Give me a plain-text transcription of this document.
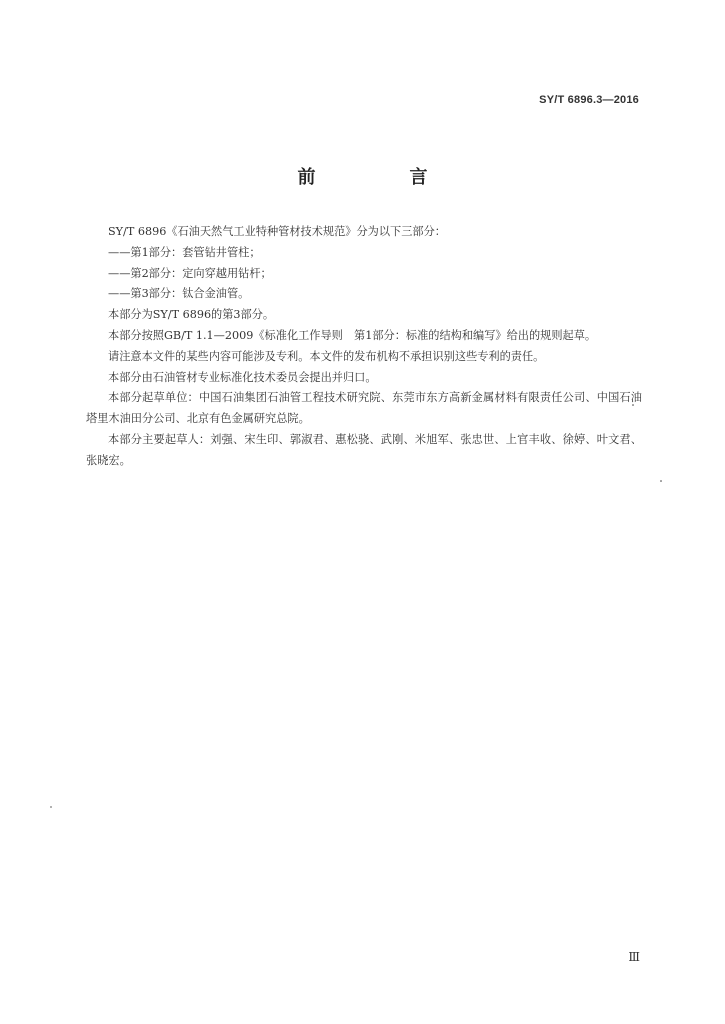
SY/T 6896.3—2016
前　言

SY/T 6896《石油天然气工业特种管材技术规范》分为以下三部分：

——第1部分：套管钻井管柱；

——第2部分：定向穿越用钻杆；

——第3部分：钛合金油管。

本部分为SY/T 6896的第3部分。

本部分按照GB/T 1.1—2009《标准化工作导则　第1部分：标准的结构和编写》给出的规则起草。

请注意本文件的某些内容可能涉及专利。本文件的发布机构不承担识别这些专利的责任。

本部分由石油管材专业标准化技术委员会提出并归口。

本部分起草单位：中国石油集团石油管工程技术研究院、东莞市东方高新金属材料有限责任公司、中国石油塔里木油田分公司、北京有色金属研究总院。

本部分主要起草人：刘强、宋生印、郭淑君、惠松骁、武刚、米旭军、张忠世、上官丰收、徐婷、叶文君、张晓宏。

Ⅲ
